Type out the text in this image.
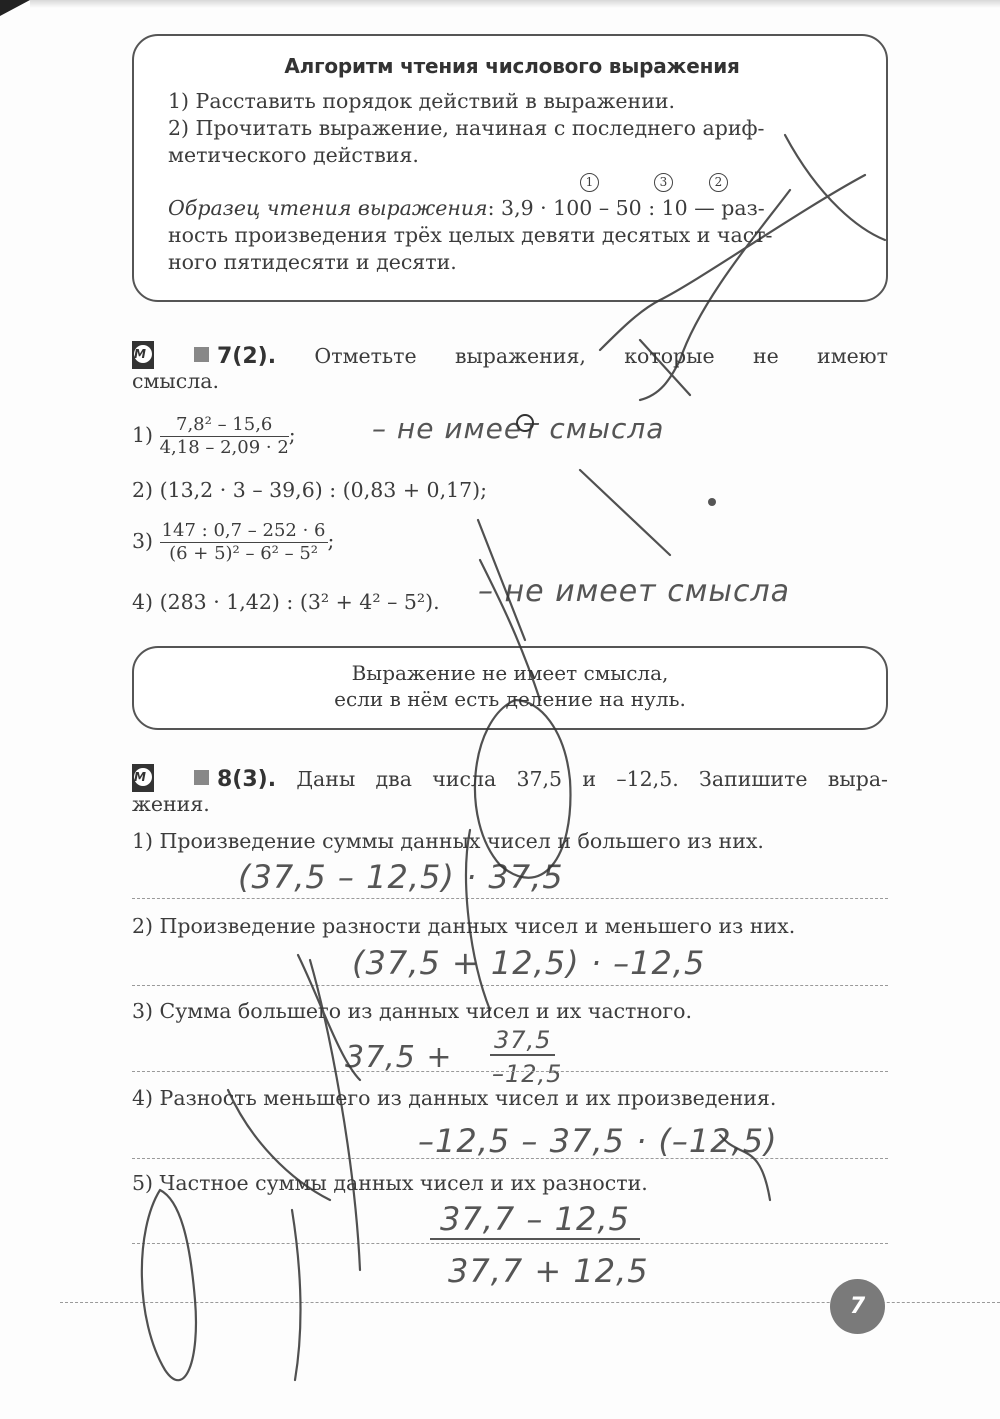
Алгоритм чтения числового выражения
1) Расставить порядок действий в выражении.
2) Прочитать выражение, начиная с последнего ариф-
метического действия.
Образец чтения выражения: 3,9 · 100 – 50 : 10 — раз-
1	3	2
ность произведения трёх целых девяти десятых и част-
ного пятидесяти и десяти.
М	7(2). Отметьте выражения, которые не имеют
смысла.
$1) \frac{\text{7,8² – 15,6}}{4,18 - 2,09 \cdot 2}$ ;	– не имеет смысла
2) (13,2 · 3 – 39,6) : (0,83 + 0,17);
$3) \frac{147 : 0,7 - 252 \cdot 6}{\text{(6 + 5)² – 6² – 5²}}$ ;
4) (283 · 1,42) : (3² + 4² – 5²). – не имеет смысла
Выражение не имеет смысла,
если в нём есть деление на нуль.
М	8(3). Даны два числа 37,5 и –12,5. Запишите выра-
жения.
1) Произведение суммы данных чисел и большего из них.
(37,5 – 12,5) · 37,5
2) Произведение разности данных чисел и меньшего из них.
(37,5 + 12,5) · –12,5
3) Сумма большего из данных чисел и их частного.
37,5 + 37,5
–12,5
4) Разность меньшего из данных чисел и их произведения.
–12,5 – 37,5 · (–12,5)
5) Частное суммы данных чисел и их разности.
37,7 – 12,5
37,7 + 12,5
7
